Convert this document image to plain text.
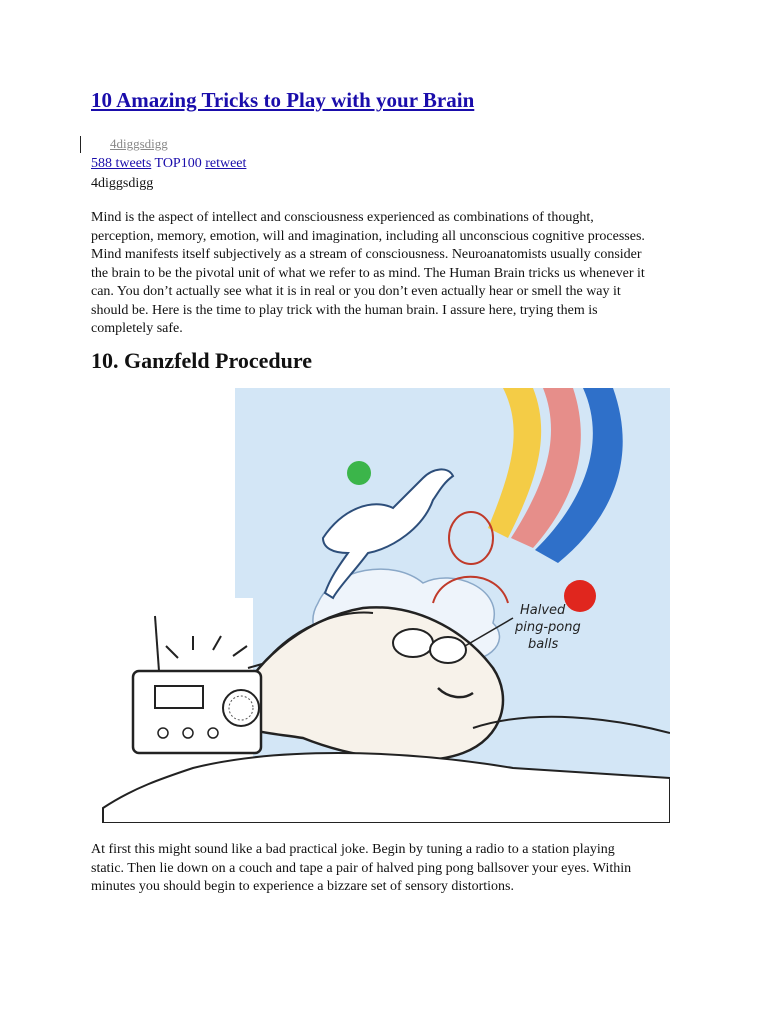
10 Amazing Tricks to Play with your Brain
4diggsdigg
588 tweets TOP100 retweet
4diggsdigg

Mind is the aspect of intellect and consciousness experienced as combinations of thought, perception, memory, emotion, will and imagination, including all unconscious cognitive processes. Mind manifests itself subjectively as a stream of consciousness. Neuroanatomists usually consider the brain to be the pivotal unit of what we refer to as mind. The Human Brain tricks us whenever it can. You don’t actually see what it is in real or you don’t even actually hear or smell the way it should be. Here is the time to play trick with the human brain. I assure here, trying them is completely safe.

10. Ganzfeld Procedure
Halved
ping-pong
balls

At first this might sound like a bad practical joke. Begin by tuning a radio to a station playing static. Then lie down on a couch and tape a pair of halved ping pong ballsover your eyes. Within minutes you should begin to experience a bizzare set of sensory distortions.
